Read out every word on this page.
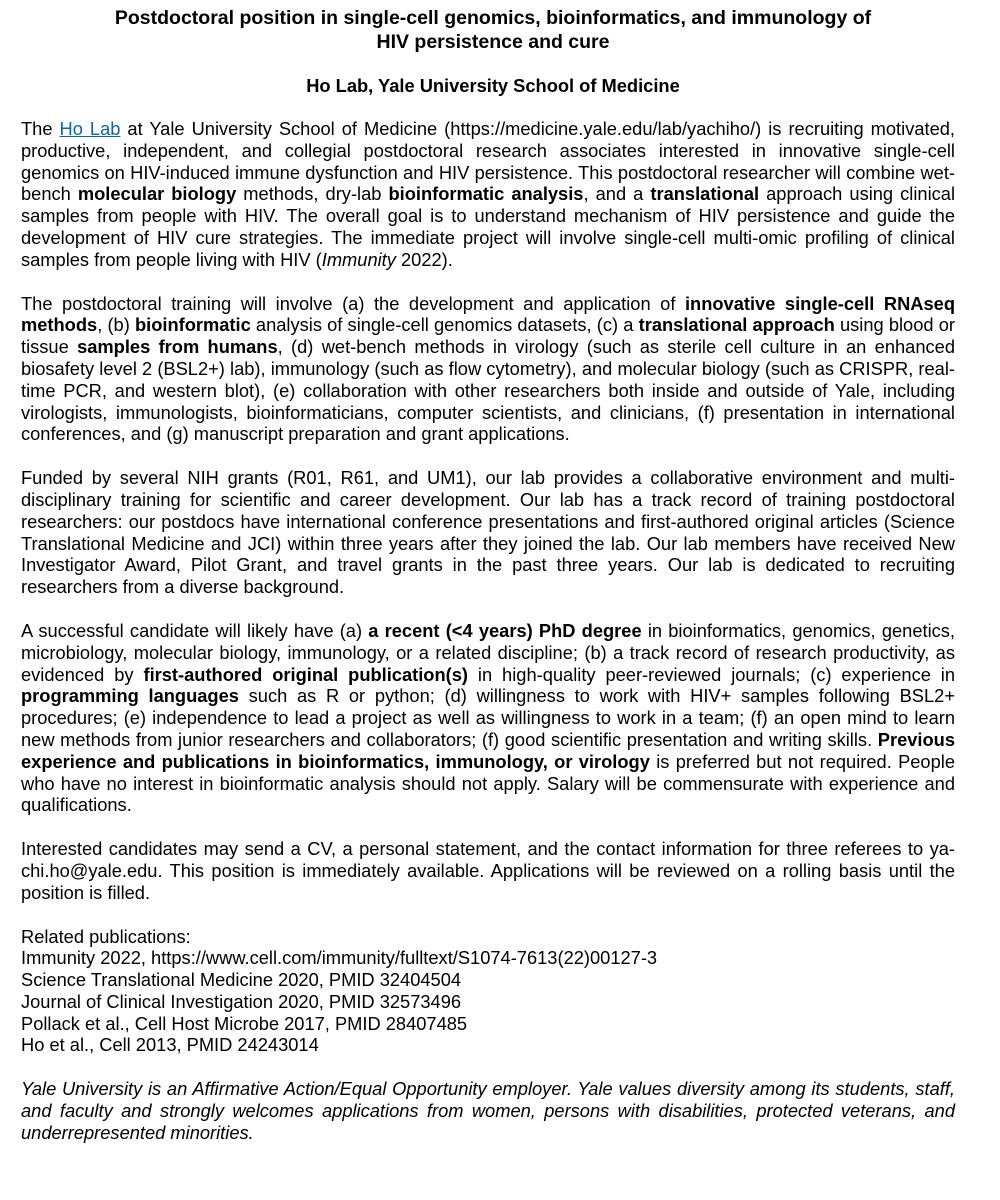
Postdoctoral position in single-cell genomics, bioinformatics, and immunology of
HIV persistence and cure
Ho Lab, Yale University School of Medicine

The Ho Lab at Yale University School of Medicine (https://medicine.yale.edu/lab/yachiho/) is recruiting motivated, productive, independent, and collegial postdoctoral research associates interested in innovative single-cell genomics on HIV-induced immune dysfunction and HIV persistence. This postdoctoral researcher will combine wet-bench molecular biology methods, dry-lab bioinformatic analysis, and a translational approach using clinical samples from people with HIV. The overall goal is to understand mechanism of HIV persistence and guide the development of HIV cure strategies. The immediate project will involve single-cell multi-omic profiling of clinical samples from people living with HIV (Immunity 2022).

The postdoctoral training will involve (a) the development and application of innovative single-cell RNAseq methods, (b) bioinformatic analysis of single-cell genomics datasets, (c) a translational approach using blood or tissue samples from humans, (d) wet-bench methods in virology (such as sterile cell culture in an enhanced biosafety level 2 (BSL2+) lab), immunology (such as flow cytometry), and molecular biology (such as CRISPR, real-time PCR, and western blot), (e) collaboration with other researchers both inside and outside of Yale, including virologists, immunologists, bioinformaticians, computer scientists, and clinicians, (f) presentation in international conferences, and (g) manuscript preparation and grant applications.

Funded by several NIH grants (R01, R61, and UM1), our lab provides a collaborative environment and multi-disciplinary training for scientific and career development. Our lab has a track record of training postdoctoral researchers: our postdocs have international conference presentations and first-authored original articles (Science Translational Medicine and JCI) within three years after they joined the lab. Our lab members have received New Investigator Award, Pilot Grant, and travel grants in the past three years. Our lab is dedicated to recruiting researchers from a diverse background.

A successful candidate will likely have (a) a recent (<4 years) PhD degree in bioinformatics, genomics, genetics, microbiology, molecular biology, immunology, or a related discipline; (b) a track record of research productivity, as evidenced by first-authored original publication(s) in high-quality peer-reviewed journals; (c) experience in programming languages such as R or python; (d) willingness to work with HIV+ samples following BSL2+ procedures; (e) independence to lead a project as well as willingness to work in a team; (f) an open mind to learn new methods from junior researchers and collaborators; (f) good scientific presentation and writing skills. Previous experience and publications in bioinformatics, immunology, or virology is preferred but not required. People who have no interest in bioinformatic analysis should not apply. Salary will be commensurate with experience and qualifications.

Interested candidates may send a CV, a personal statement, and the contact information for three referees to ya-chi.ho@yale.edu. This position is immediately available. Applications will be reviewed on a rolling basis until the position is filled.

Related publications:
Immunity 2022, https://www.cell.com/immunity/fulltext/S1074-7613(22)00127-3
Science Translational Medicine 2020, PMID 32404504
Journal of Clinical Investigation 2020, PMID 32573496
Pollack et al., Cell Host Microbe 2017, PMID 28407485
Ho et al., Cell 2013, PMID 24243014

Yale University is an Affirmative Action/Equal Opportunity employer. Yale values diversity among its students, staff, and faculty and strongly welcomes applications from women, persons with disabilities, protected veterans, and underrepresented minorities.
